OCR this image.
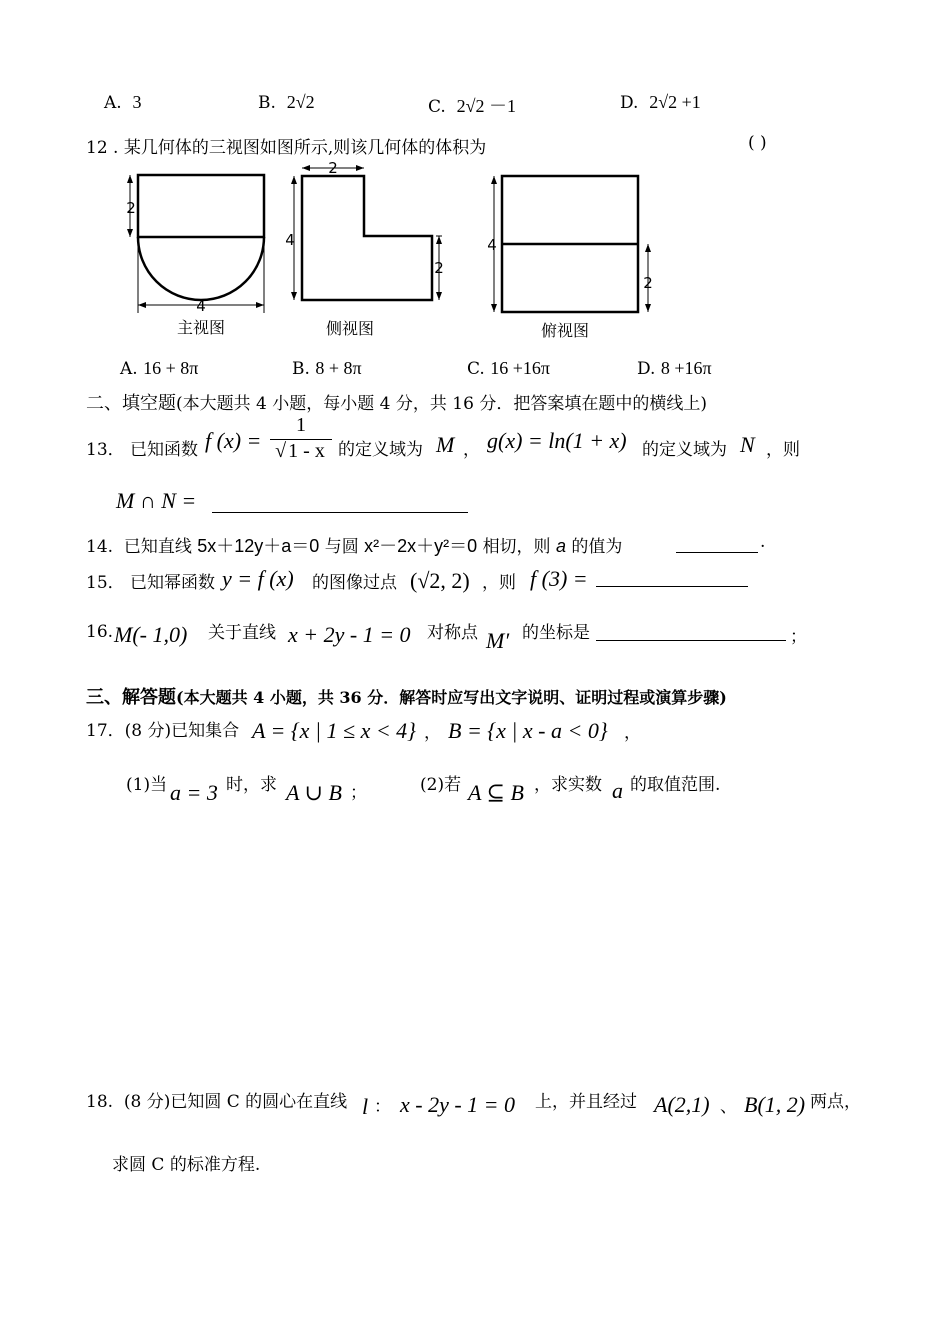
A. 3	B. 2√2	C. 2√2 －1	D. 2√2 +1
12 . 某几何体的三视图如图所示,则该几何体的体积为	( )
2
4
主视图
2
4
2
侧视图
4
2
俯视图
A. 16 + 8π	B. 8 + 8π	C. 16 +16π	D. 8 +16π
二、填空题(本大题共 4 小题，每小题 4 分，共 16 分．把答案填在题中的横线上)
13． 已知函数 f (x) =
1
√ 1 - x 的定义域为 M ， g(x) = ln(1 + x) 的定义域为 N ，则
M ∩ N =
14. 已知直线 5x＋12y＋a＝0 与圆 x²－2x＋y²＝0 相切，则 a 的值为	.
15． 已知幂函数 y = f (x) 的图像过点 (√2, 2) ，则 f (3) =
16. M(- 1,0) 关于直线 x + 2y - 1 = 0 对称点 M′ 的坐标是	；
三、解答题(本大题共 4 小题，共 36 分．解答时应写出文字说明、证明过程或演算步骤)
17．(8 分)已知集合 A = {x | 1 ≤ x < 4} ， B = {x | x - a < 0} ，
(1)当 a = 3 时，求 A ∪ B ；	(2)若 A ⊆ B ，求实数 a 的取值范围.
18. (8 分)已知圆 C 的圆心在直线 l ： x - 2y - 1 = 0 上，并且经过 A(2,1) 、 B(1, 2) 两点，
求圆 C 的标准方程.
